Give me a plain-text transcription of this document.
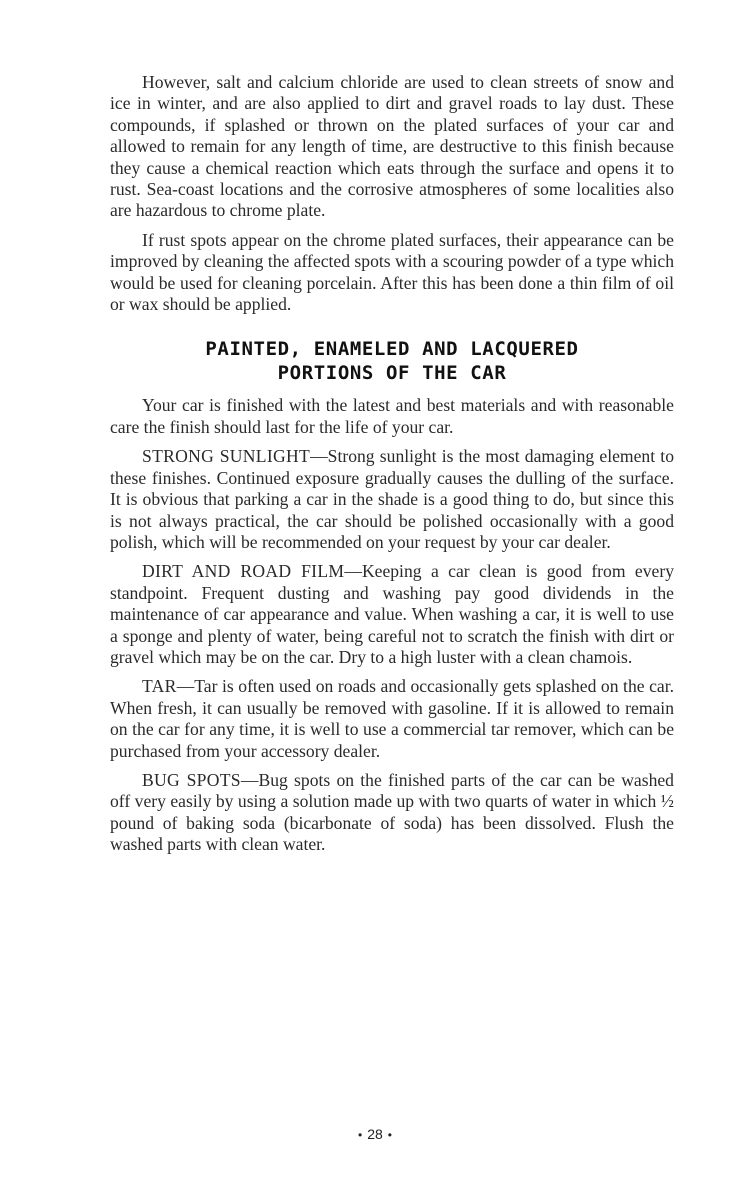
However, salt and calcium chloride are used to clean streets of snow and ice in winter, and are also applied to dirt and gravel roads to lay dust. These compounds, if splashed or thrown on the plated surfaces of your car and allowed to remain for any length of time, are destructive to this finish because they cause a chemical reaction which eats through the surface and opens it to rust. Sea-coast locations and the corrosive atmospheres of some localities also are hazardous to chrome plate.

If rust spots appear on the chrome plated surfaces, their appearance can be improved by cleaning the affected spots with a scouring powder of a type which would be used for cleaning porcelain. After this has been done a thin film of oil or wax should be applied.

PAINTED, ENAMELED AND LACQUERED
PORTIONS OF THE CAR

Your car is finished with the latest and best materials and with reasonable care the finish should last for the life of your car.

STRONG SUNLIGHT—Strong sunlight is the most damaging element to these finishes. Continued exposure gradually causes the dulling of the surface. It is obvious that parking a car in the shade is a good thing to do, but since this is not always practical, the car should be polished occasionally with a good polish, which will be recommended on your request by your car dealer.

DIRT AND ROAD FILM—Keeping a car clean is good from every standpoint. Frequent dusting and washing pay good dividends in the maintenance of car appearance and value. When washing a car, it is well to use a sponge and plenty of water, being careful not to scratch the finish with dirt or gravel which may be on the car. Dry to a high luster with a clean chamois.

TAR—Tar is often used on roads and occasionally gets splashed on the car. When fresh, it can usually be removed with gasoline. If it is allowed to remain on the car for any time, it is well to use a commercial tar remover, which can be purchased from your accessory dealer.

BUG SPOTS—Bug spots on the finished parts of the car can be washed off very easily by using a solution made up with two quarts of water in which ½ pound of baking soda (bicarbonate of soda) has been dissolved. Flush the washed parts with clean water.

• 28 •
